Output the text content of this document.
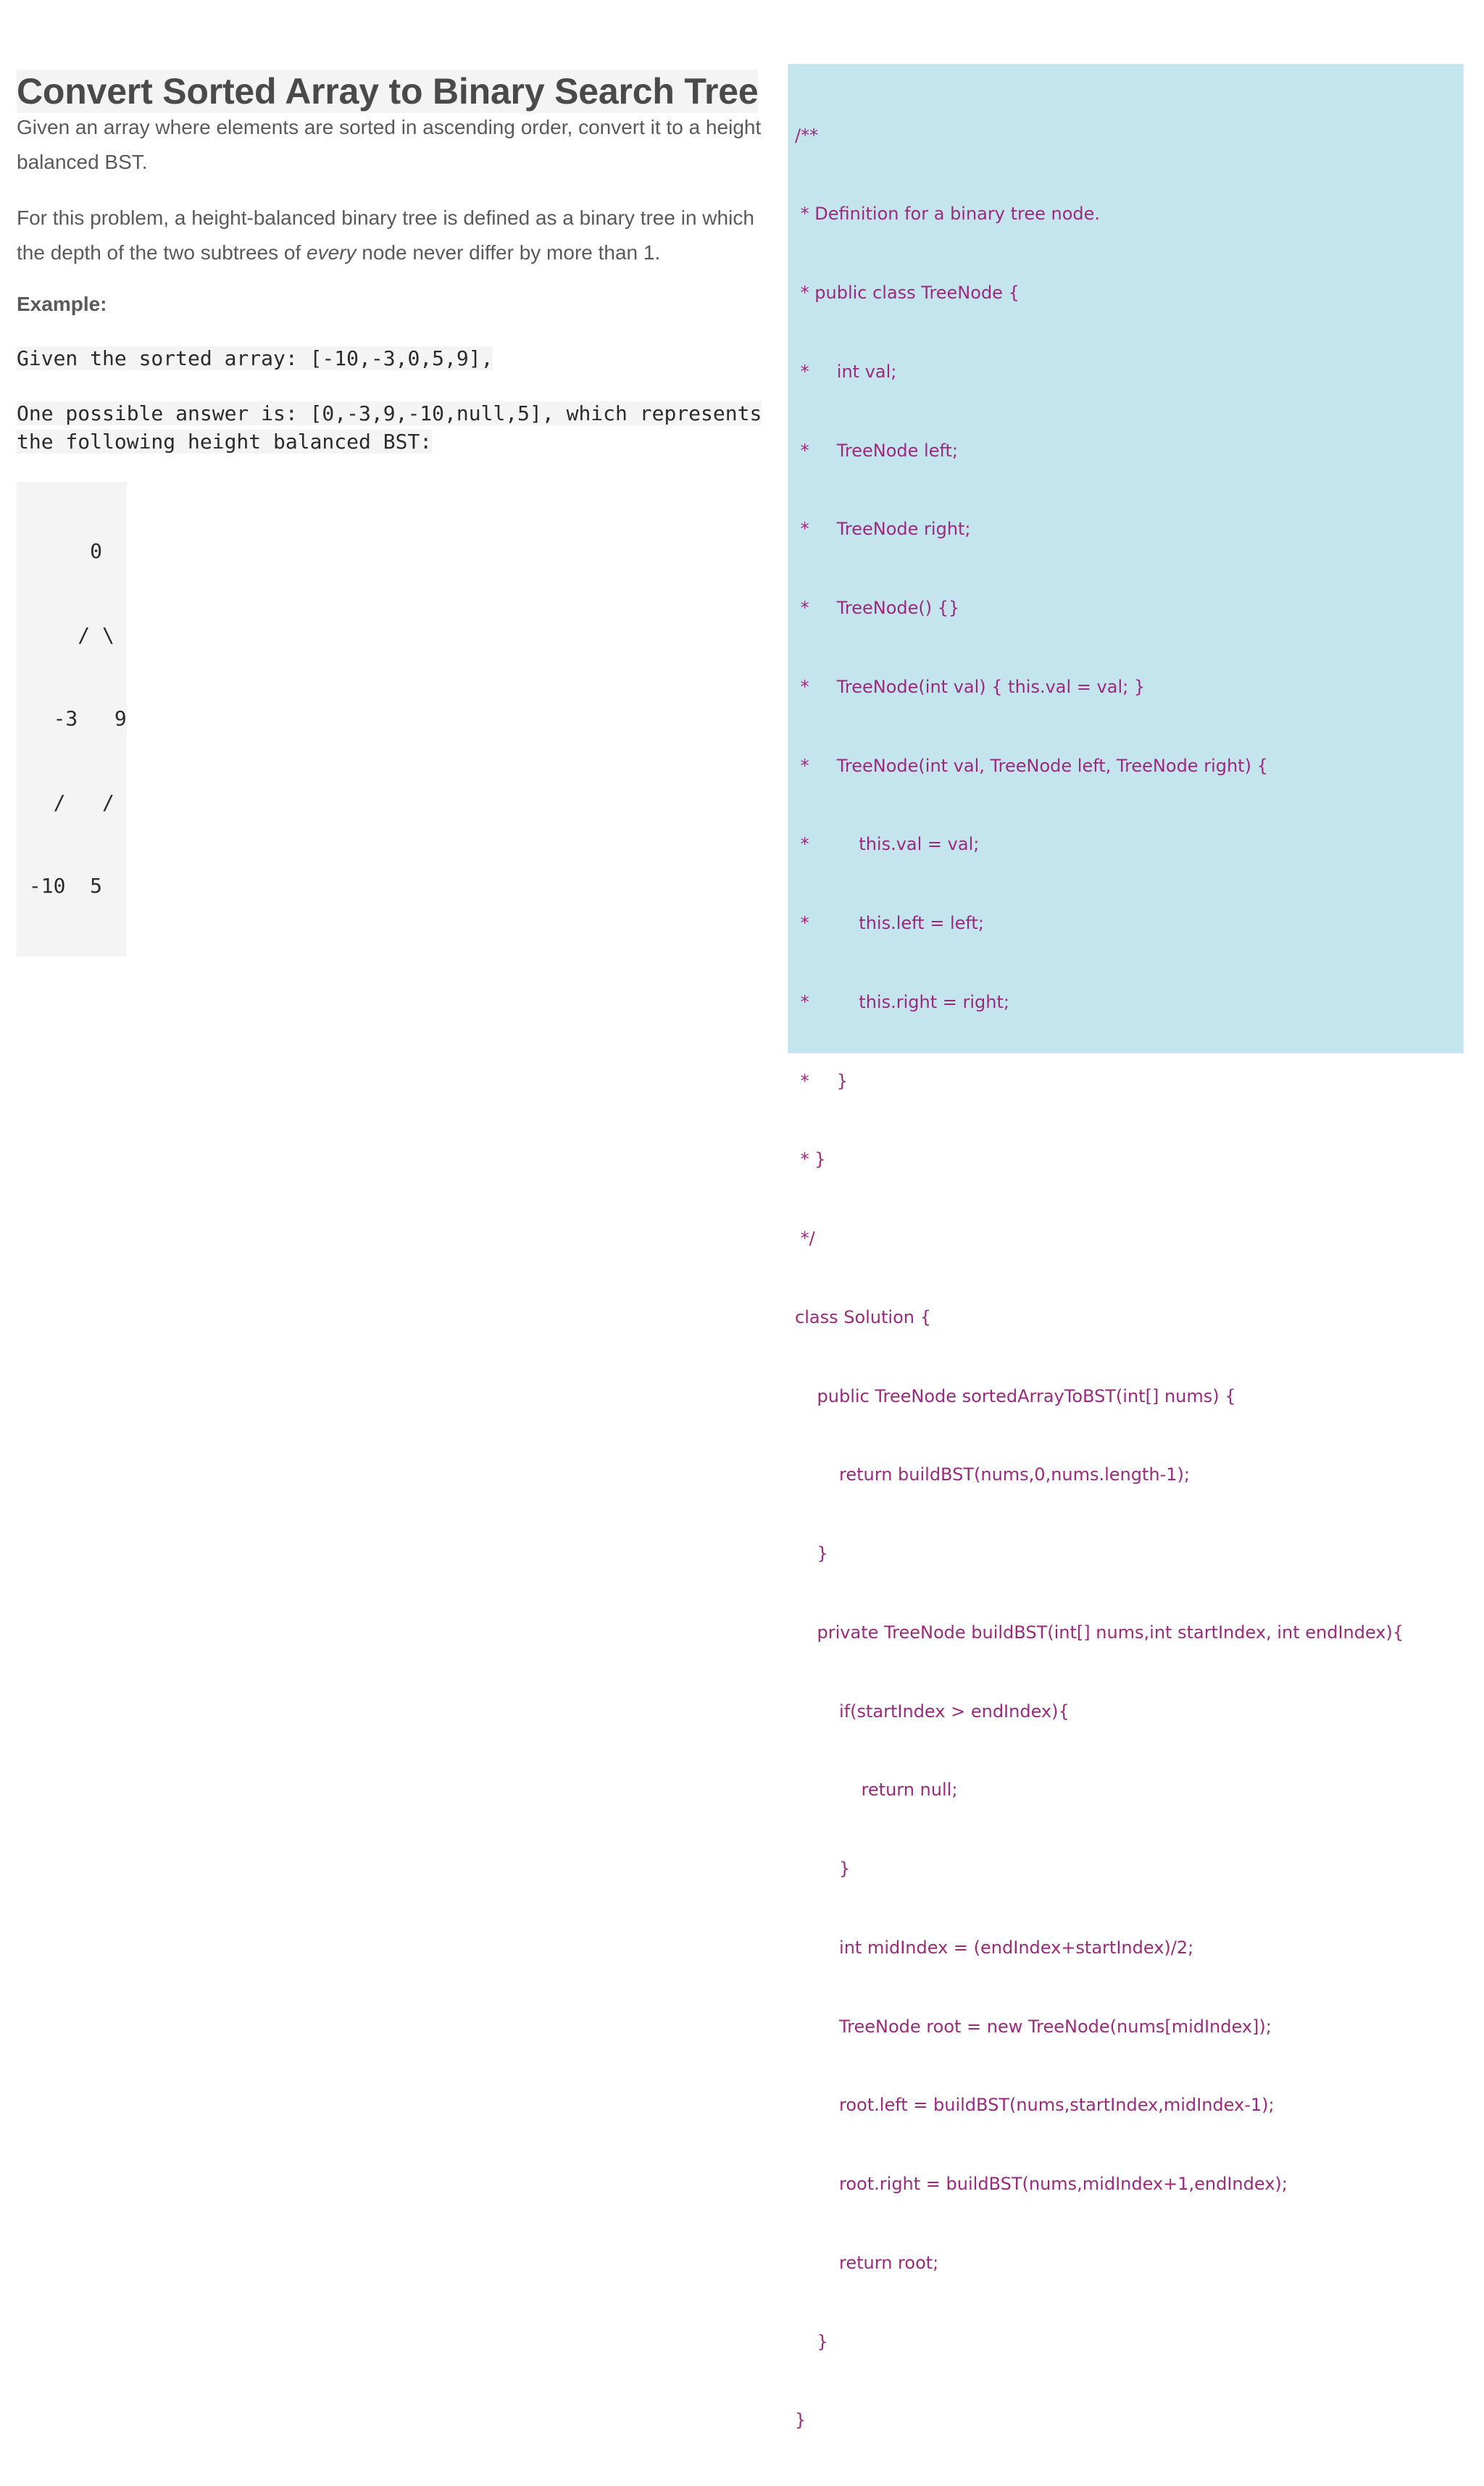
Convert Sorted Array to Binary Search Tree

Given an array where elements are sorted in ascending order, convert it to a height balanced BST.

For this problem, a height-balanced binary tree is defined as a binary tree in which the depth of the two subtrees of every node never differ by more than 1.

Example:

Given the sorted array: [-10,-3,0,5,9],

One possible answer is: [0,-3,9,-10,null,5], which represents

the following height balanced BST:

0

/ \

-3   9

/   /

-10  5

/**

* Definition for a binary tree node.

* public class TreeNode {

*     int val;

*     TreeNode left;

*     TreeNode right;

*     TreeNode() {}

*     TreeNode(int val) { this.val = val; }

*     TreeNode(int val, TreeNode left, TreeNode right) {

*         this.val = val;

*         this.left = left;

*         this.right = right;

*     }

* }

*/

class Solution {

public TreeNode sortedArrayToBST(int[] nums) {

return buildBST(nums,0,nums.length-1);

}

private TreeNode buildBST(int[] nums,int startIndex, int endIndex){

if(startIndex > endIndex){

return null;

}

int midIndex = (endIndex+startIndex)/2;

TreeNode root = new TreeNode(nums[midIndex]);

root.left = buildBST(nums,startIndex,midIndex-1);

root.right = buildBST(nums,midIndex+1,endIndex);

return root;

}

}
